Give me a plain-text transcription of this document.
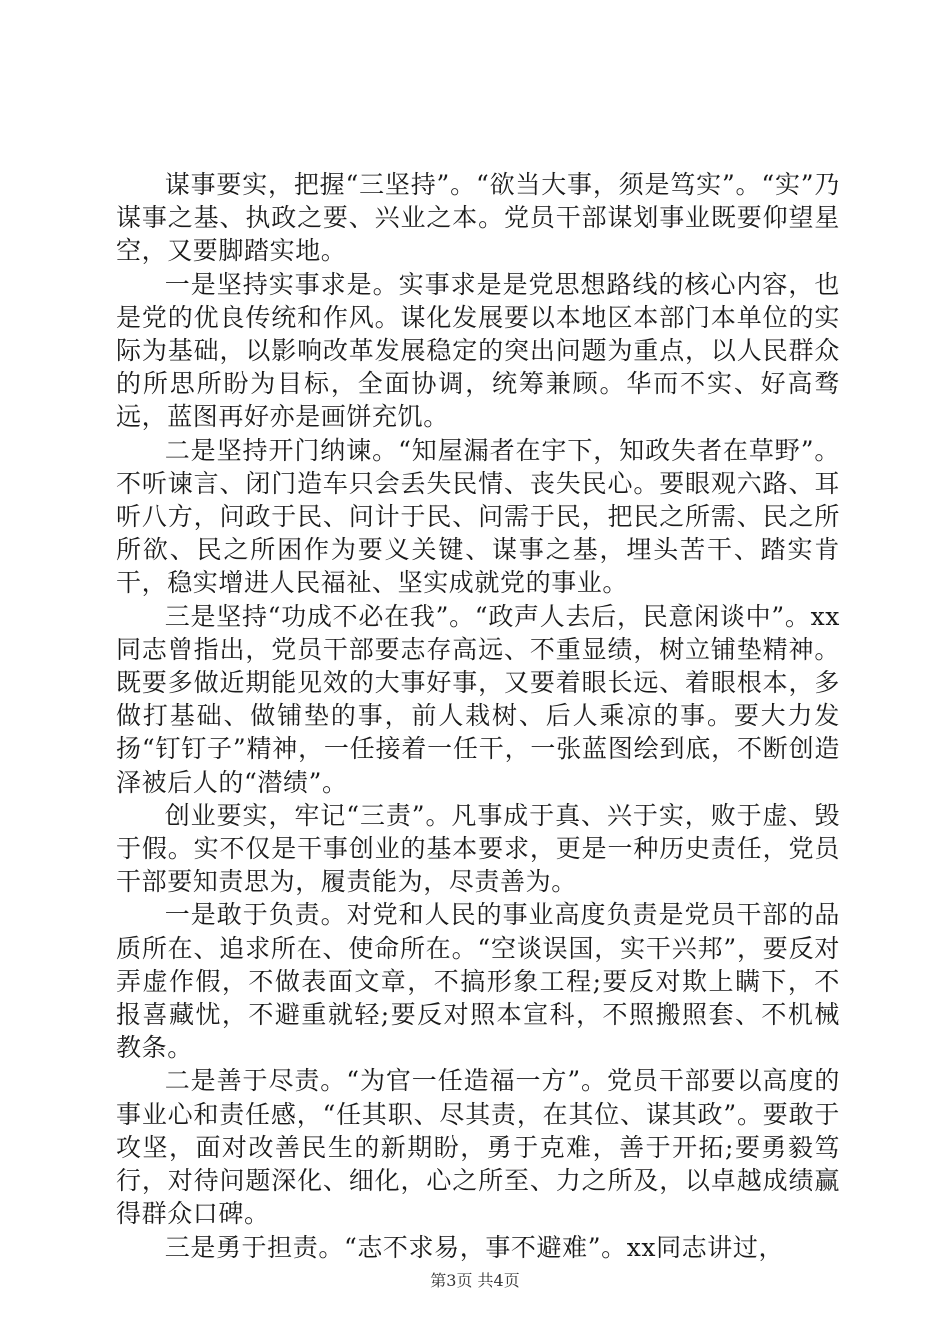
谋事要实，把握“三坚持”。“欲当大事，须是笃实”。“实”乃谋事之基、执政之要、兴业之本。党员干部谋划事业既要仰望星空，又要脚踏实地。

一是坚持实事求是。实事求是是党思想路线的核心内容，也是党的优良传统和作风。谋化发展要以本地区本部门本单位的实际为基础，以影响改革发展稳定的突出问题为重点，以人民群众的所思所盼为目标，全面协调，统筹兼顾。华而不实、好高骛远，蓝图再好亦是画饼充饥。

二是坚持开门纳谏。“知屋漏者在宇下，知政失者在草野”。不听谏言、闭门造车只会丢失民情、丧失民心。要眼观六路、耳听八方，问政于民、问计于民、问需于民，把民之所需、民之所所欲、民之所困作为要义关键、谋事之基，埋头苦干、踏实肯干，稳实增进人民福祉、坚实成就党的事业。

三是坚持“功成不必在我”。“政声人去后，民意闲谈中”。xx同志曾指出，党员干部要志存高远、不重显绩，树立铺垫精神。既要多做近期能见效的大事好事，又要着眼长远、着眼根本，多做打基础、做铺垫的事，前人栽树、后人乘凉的事。要大力发扬“钉钉子”精神，一任接着一任干，一张蓝图绘到底，不断创造泽被后人的“潜绩”。

创业要实，牢记“三责”。凡事成于真、兴于实，败于虚、毁于假。实不仅是干事创业的基本要求，更是一种历史责任，党员干部要知责思为，履责能为，尽责善为。

一是敢于负责。对党和人民的事业高度负责是党员干部的品质所在、追求所在、使命所在。“空谈误国，实干兴邦”，要反对弄虚作假，不做表面文章，不搞形象工程;要反对欺上瞒下，不报喜藏忧，不避重就轻;要反对照本宣科，不照搬照套、不机械教条。

二是善于尽责。“为官一任造福一方”。党员干部要以高度的事业心和责任感，“任其职、尽其责，在其位、谋其政”。要敢于攻坚，面对改善民生的新期盼，勇于克难，善于开拓;要勇毅笃行，对待问题深化、细化，心之所至、力之所及，以卓越成绩赢得群众口碑。

三是勇于担责。“志不求易，事不避难”。xx同志讲过，

第3页 共4页
